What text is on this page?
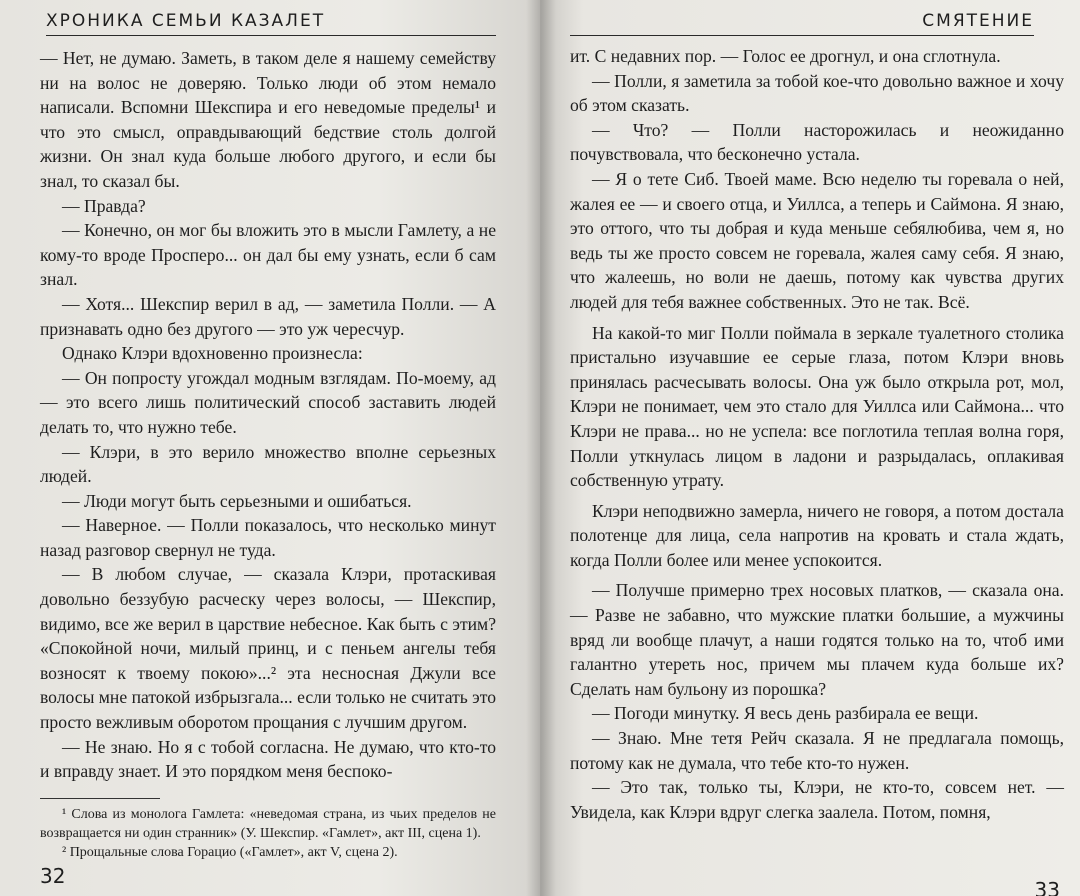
ХРОНИКА СЕМЬИ КАЗАЛЕТ

— Нет, не думаю. Заметь, в таком деле я нашему семейству ни на волос не доверяю. Только люди об этом немало написали. Вспомни Шекспира и его неведомые пределы¹ и что это смысл, оправдывающий бедствие столь долгой жизни. Он знал куда больше любого другого, и если бы знал, то сказал бы.

— Правда?

— Конечно, он мог бы вложить это в мысли Гамлету, а не кому-то вроде Просперо... он дал бы ему узнать, если б сам знал.

— Хотя... Шекспир верил в ад, — заметила Полли. — А признавать одно без другого — это уж чересчур.

Однако Клэри вдохновенно произнесла:

— Он попросту угождал модным взглядам. По-моему, ад — это всего лишь политический способ заставить людей делать то, что нужно тебе.

— Клэри, в это верило множество вполне серьезных людей.

— Люди могут быть серьезными и ошибаться.

— Наверное. — Полли показалось, что несколько минут назад разговор свернул не туда.

— В любом случае, — сказала Клэри, протаскивая довольно беззубую расческу через волосы, — Шекспир, видимо, все же верил в царствие небесное. Как быть с этим? «Спокойной ночи, милый принц, и с пеньем ангелы тебя возносят к твоему покою»...² эта несносная Джули все волосы мне патокой избрызгала... если только не считать это просто вежливым оборотом прощания с лучшим другом.

— Не знаю. Но я с тобой согласна. Не думаю, что кто-то и вправду знает. И это порядком меня беспоко-

¹ Слова из монолога Гамлета: «неведомая страна, из чьих пределов не возвращается ни один странник» (У. Шекспир. «Гамлет», акт III, сцена 1).

² Прощальные слова Горацио («Гамлет», акт V, сцена 2).

32
СМЯТЕНИЕ

ит. С недавних пор. — Голос ее дрогнул, и она сглотнула.

— Полли, я заметила за тобой кое-что довольно важное и хочу об этом сказать.

— Что? — Полли насторожилась и неожиданно почувствовала, что бесконечно устала.

— Я о тете Сиб. Твоей маме. Всю неделю ты горевала о ней, жалея ее — и своего отца, и Уиллса, а теперь и Саймона. Я знаю, это оттого, что ты добрая и куда меньше себялюбива, чем я, но ведь ты же просто совсем не горевала, жалея саму себя. Я знаю, что жалеешь, но воли не даешь, потому как чувства других людей для тебя важнее собственных. Это не так. Всё.

На какой-то миг Полли поймала в зеркале туалетного столика пристально изучавшие ее серые глаза, потом Клэри вновь принялась расчесывать волосы. Она уж было открыла рот, мол, Клэри не понимает, чем это стало для Уиллса или Саймона... что Клэри не права... но не успела: все поглотила теплая волна горя, Полли уткнулась лицом в ладони и разрыдалась, оплакивая собственную утрату.

Клэри неподвижно замерла, ничего не говоря, а потом достала полотенце для лица, села напротив на кровать и стала ждать, когда Полли более или менее успокоится.

— Получше примерно трех носовых платков, — сказала она. — Разве не забавно, что мужские платки большие, а мужчины вряд ли вообще плачут, а наши годятся только на то, чтоб ими галантно утереть нос, причем мы плачем куда больше их? Сделать нам бульону из порошка?

— Погоди минутку. Я весь день разбирала ее вещи.

— Знаю. Мне тетя Рейч сказала. Я не предлагала помощь, потому как не думала, что тебе кто-то нужен.

— Это так, только ты, Клэри, не кто-то, совсем нет. — Увидела, как Клэри вдруг слегка заалела. Потом, помня,

33
